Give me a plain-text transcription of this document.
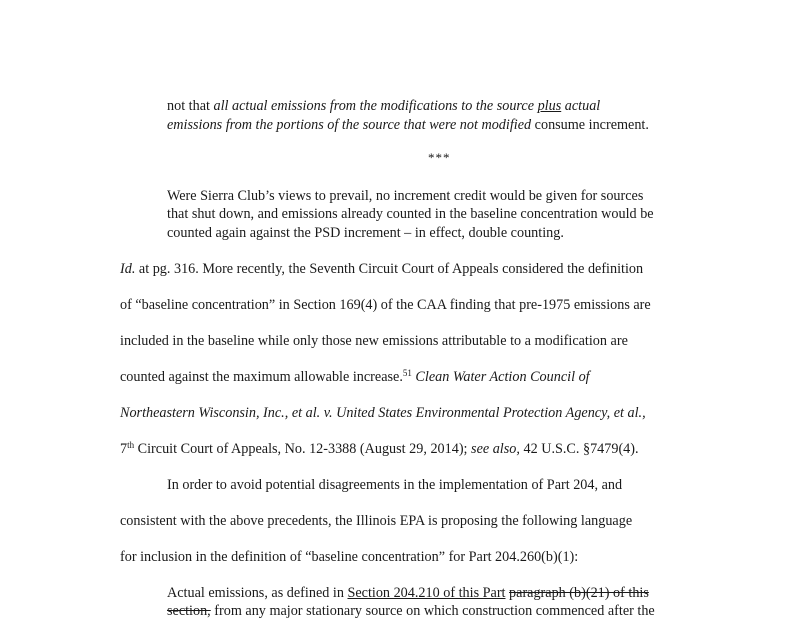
not that all actual emissions from the modifications to the source plus actual
emissions from the portions of the source that were not modified consume increment.
***
Were Sierra Club’s views to prevail, no increment credit would be given for sources
that shut down, and emissions already counted in the baseline concentration would be
counted again against the PSD increment – in effect, double counting.
Id. at pg. 316. More recently, the Seventh Circuit Court of Appeals considered the definition
of “baseline concentration” in Section 169(4) of the CAA finding that pre-1975 emissions are
included in the baseline while only those new emissions attributable to a modification are
counted against the maximum allowable increase.$^{51}$ Clean Water Action Council of
Northeastern Wisconsin, Inc., et al. v. United States Environmental Protection Agency, et al.,
7th Circuit Court of Appeals, No. 12-3388 (August 29, 2014); see also, 42 U.S.C. §7479(4).
In order to avoid potential disagreements in the implementation of Part 204, and
consistent with the above precedents, the Illinois EPA is proposing the following language
for inclusion in the definition of “baseline concentration” for Part 204.260(b)(1):
Actual emissions, as defined in Section 204.210 of this Part paragraph (b)(21) of this
section, from any major stationary source on which construction commenced after the
